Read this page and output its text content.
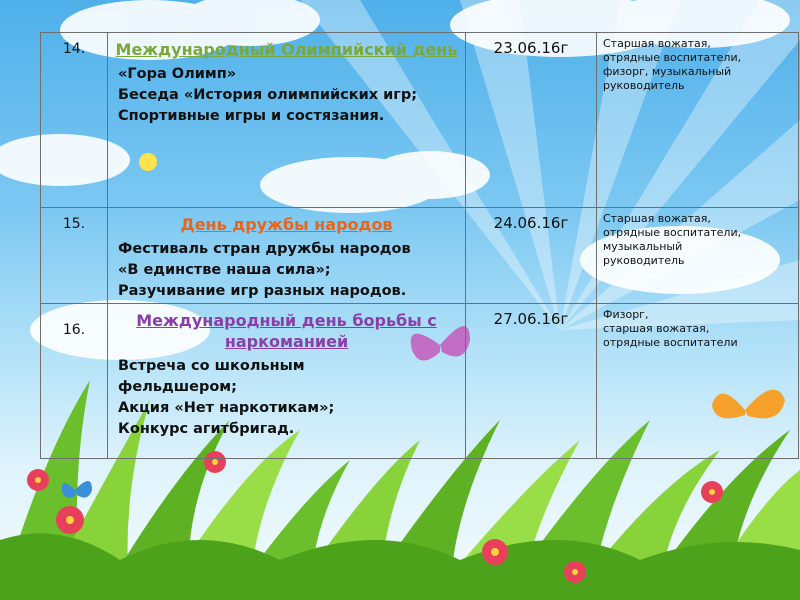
14.	Международный Олимпийский день
«Гора Олимп»
Беседа «История олимпийских игр;
Спортивные игры и состязания.	23.06.16г	Старшая вожатая,
отрядные воспитатели,
физорг, музыкальный
руководитель

15.	День дружбы народов
Фестиваль стран дружбы народов
«В единстве наша сила»;
Разучивание игр разных народов.	24.06.16г	Старшая вожатая,
отрядные воспитатели,
музыкальный
руководитель

16.	Международный день борьбы с наркоманией
Встреча со школьным
фельдшером;
Акция «Нет наркотикам»;
Конкурс агитбригад.	27.06.16г	Физорг,
старшая вожатая,
отрядные воспитатели
